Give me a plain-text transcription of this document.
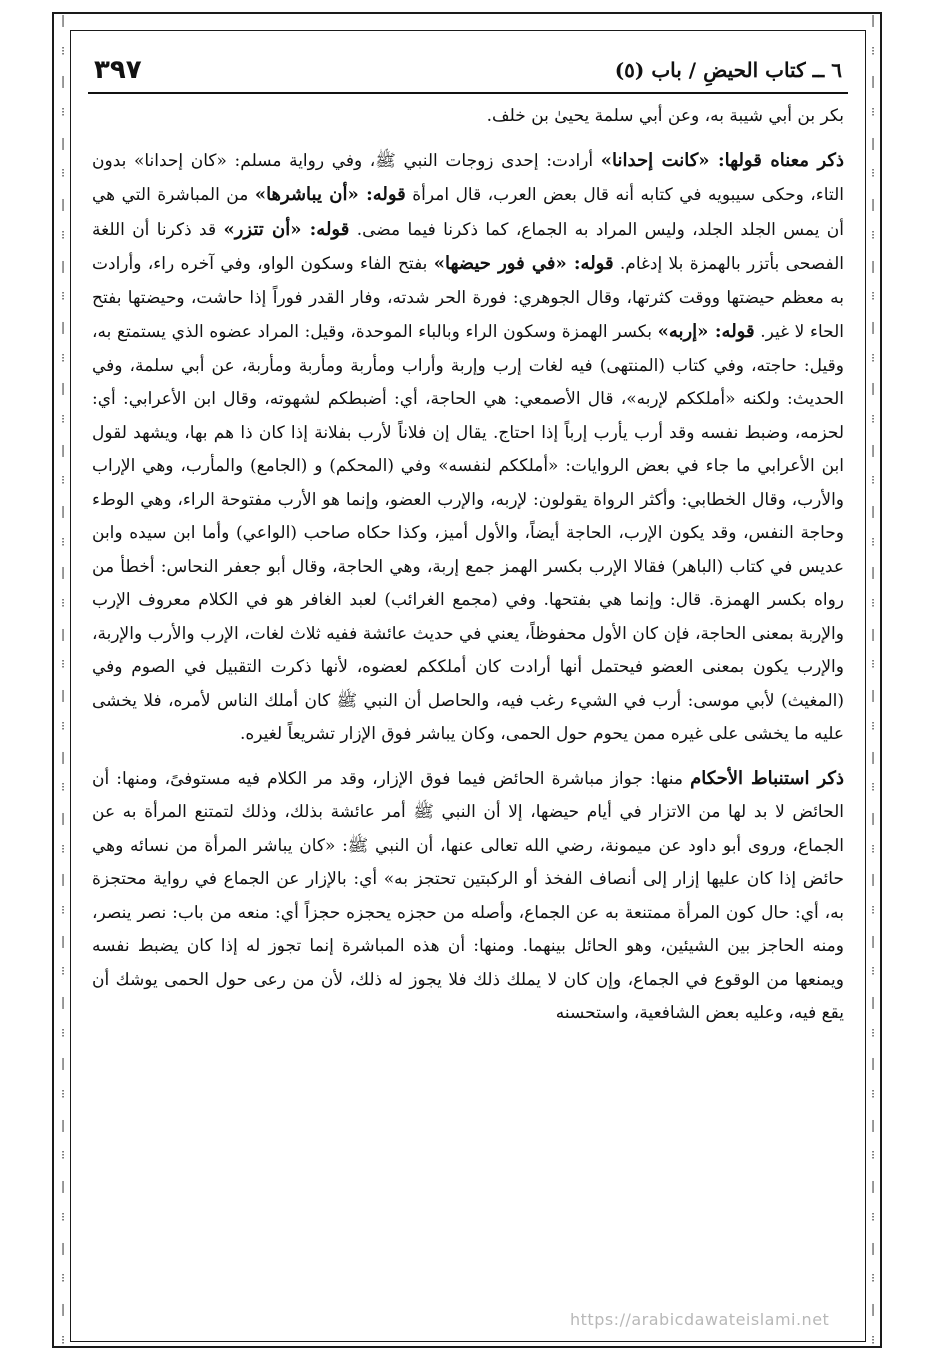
❘
⁝
❘
⁝
❘
⁝
❘
⁝
❘
⁝
❘
⁝
❘
⁝
❘
⁝
❘
⁝
❘
⁝
❘
⁝
❘
⁝
❘
⁝
❘
⁝
❘
⁝
❘
⁝
❘
⁝
❘
⁝
❘
⁝
❘
⁝
❘
⁝
❘
⁝
❘
⁝
❘
⁝
❘
⁝
❘
⁝
❘
⁝
❘
⁝
❘
⁝
❘
⁝
❘
⁝
❘
⁝
❘
⁝
❘
⁝
❘
⁝
❘
⁝
❘
⁝
❘
⁝
❘
⁝
❘
⁝
❘
⁝
❘
⁝
❘
⁝
❘
⁝
٦ ــ كتاب الحيضِ / باب (٥)
٣٩٧

بكر بن أبي شيبة به، وعن أبي سلمة يحيىٰ بن خلف.

ذكر معناه قولها: «كانت إحدانا» أرادت: إحدى زوجات النبي ﷺ، وفي رواية مسلم: «كان إحدانا» بدون التاء، وحكى سيبويه في كتابه أنه قال بعض العرب، قال امرأة قوله: «أن يباشرها» من المباشرة التي هي أن يمس الجلد الجلد، وليس المراد به الجماع، كما ذكرنا فيما مضى. قوله: «أن تتزر» قد ذكرنا أن اللغة الفصحى بأتزر بالهمزة بلا إدغام. قوله: «في فور حيضها» بفتح الفاء وسكون الواو، وفي آخره راء، وأرادت به معظم حيضتها ووقت كثرتها، وقال الجوهري: فورة الحر شدته، وفار القدر فوراً إذا حاشت، وحيضتها بفتح الحاء لا غير. قوله: «إربه» بكسر الهمزة وسكون الراء وبالباء الموحدة، وقيل: المراد عضوه الذي يستمتع به، وقيل: حاجته، وفي كتاب (المنتهى) فيه لغات إرب وإربة وأراب ومأربة ومأربة ومأربة، عن أبي سلمة، وفي الحديث: ولكنه «أملككم لإربه»، قال الأصمعي: هي الحاجة، أي: أضبطكم لشهوته، وقال ابن الأعرابي: أي: لحزمه، وضبط نفسه وقد أرب يأرب إرباً إذا احتاج. يقال إن فلاناً لأرب بفلانة إذا كان ذا هم بها، ويشهد لقول ابن الأعرابي ما جاء في بعض الروايات: «أملككم لنفسه» وفي (المحكم) و (الجامع) والمأرب، وهي الإراب والأرب، وقال الخطابي: وأكثر الرواة يقولون: لإربه، والإرب العضو، وإنما هو الأرب مفتوحة الراء، وهي الوطء وحاجة النفس، وقد يكون الإرب، الحاجة أيضاً، والأول أميز، وكذا حكاه صاحب (الواعي) وأما ابن سيده وابن عديس في كتاب (الباهر) فقالا الإرب بكسر الهمز جمع إربة، وهي الحاجة، وقال أبو جعفر النحاس: أخطأ من رواه بكسر الهمزة. قال: وإنما هي بفتحها. وفي (مجمع الغرائب) لعبد الغافر هو في الكلام معروف الإرب والإربة بمعنى الحاجة، فإن كان الأول محفوظاً، يعني في حديث عائشة ففيه ثلاث لغات، الإرب والأرب والإربة، والإرب يكون بمعنى العضو فيحتمل أنها أرادت كان أملككم لعضوه، لأنها ذكرت التقبيل في الصوم وفي (المغيث) لأبي موسى: أرب في الشيء رغب فيه، والحاصل أن النبي ﷺ كان أملك الناس لأمره، فلا يخشى عليه ما يخشى على غيره ممن يحوم حول الحمى، وكان يباشر فوق الإزار تشريعاً لغيره.

ذكر استنباط الأحكام منها: جواز مباشرة الحائض فيما فوق الإزار، وقد مر الكلام فيه مستوفىً، ومنها: أن الحائض لا بد لها من الاتزار في أيام حيضها، إلا أن النبي ﷺ أمر عائشة بذلك، وذلك لتمتنع المرأة به عن الجماع، وروى أبو داود عن ميمونة، رضي الله تعالى عنها، أن النبي ﷺ: «كان يباشر المرأة من نسائه وهي حائض إذا كان عليها إزار إلى أنصاف الفخذ أو الركبتين تحتجز به» أي: بالإزار عن الجماع في رواية محتجزة به، أي: حال كون المرأة ممتنعة به عن الجماع، وأصله من حجزه يحجزه حجزاً أي: منعه من باب: نصر ينصر، ومنه الحاجز بين الشيئين، وهو الحائل بينهما. ومنها: أن هذه المباشرة إنما تجوز له إذا كان يضبط نفسه ويمنعها من الوقوع في الجماع، وإن كان لا يملك ذلك فلا يجوز له ذلك، لأن من رعى حول الحمى يوشك أن يقع فيه، وعليه بعض الشافعية، واستحسنه

https://arabicdawateislami.net
